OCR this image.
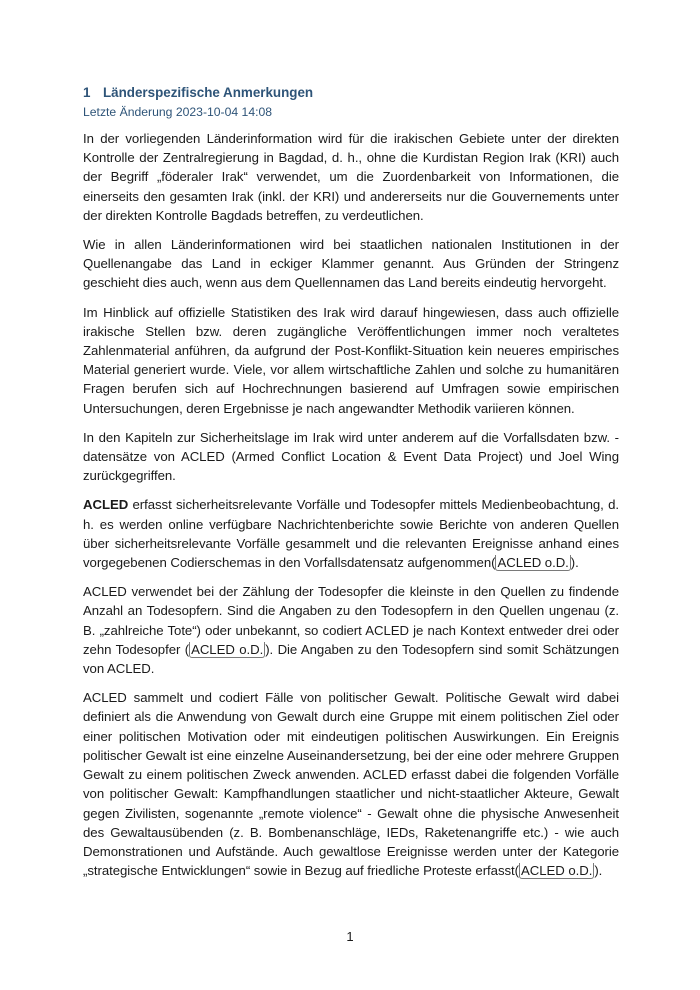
1 Länderspezifische Anmerkungen
Letzte Änderung 2023-10-04 14:08

In der vorliegenden Länderinformation wird für die irakischen Gebiete unter der direkten Kontrolle der Zentralregierung in Bagdad, d. h., ohne die Kurdistan Region Irak (KRI) auch der Begriff „föderaler Irak“ verwendet, um die Zuordenbarkeit von Informationen, die einerseits den gesamten Irak (inkl. der KRI) und andererseits nur die Gouvernements unter der direkten Kontrolle Bagdads betreffen, zu verdeutlichen.

Wie in allen Länderinformationen wird bei staatlichen nationalen Institutionen in der Quellenangabe das Land in eckiger Klammer genannt. Aus Gründen der Stringenz geschieht dies auch, wenn aus dem Quellennamen das Land bereits eindeutig hervorgeht.

Im Hinblick auf offizielle Statistiken des Irak wird darauf hingewiesen, dass auch offizielle irakische Stellen bzw. deren zugängliche Veröffentlichungen immer noch veraltetes Zahlenmaterial anführen, da aufgrund der Post-Konflikt-Situation kein neueres empirisches Material generiert wurde. Viele, vor allem wirtschaftliche Zahlen und solche zu humanitären Fragen berufen sich auf Hochrechnungen basierend auf Umfragen sowie empirischen Untersuchungen, deren Ergebnisse je nach angewandter Methodik variieren können.

In den Kapiteln zur Sicherheitslage im Irak wird unter anderem auf die Vorfallsdaten bzw. -datensätze von ACLED (Armed Conflict Location & Event Data Project) und Joel Wing zurückgegriffen.

ACLED erfasst sicherheitsrelevante Vorfälle und Todesopfer mittels Medienbeobachtung, d. h. es werden online verfügbare Nachrichtenberichte sowie Berichte von anderen Quellen über sicherheitsrelevante Vorfälle gesammelt und die relevanten Ereignisse anhand eines vorgegebenen Codierschemas in den Vorfallsdatensatz aufgenommen( ACLED o.D. ).

ACLED verwendet bei der Zählung der Todesopfer die kleinste in den Quellen zu findende Anzahl an Todesopfern. Sind die Angaben zu den Todesopfern in den Quellen ungenau (z. B. „zahlreiche Tote“) oder unbekannt, so codiert ACLED je nach Kontext entweder drei oder zehn Todesopfer ( ACLED o.D. ). Die Angaben zu den Todesopfern sind somit Schätzungen von ACLED.

ACLED sammelt und codiert Fälle von politischer Gewalt. Politische Gewalt wird dabei definiert als die Anwendung von Gewalt durch eine Gruppe mit einem politischen Ziel oder einer politischen Motivation oder mit eindeutigen politischen Auswirkungen. Ein Ereignis politischer Gewalt ist eine einzelne Auseinandersetzung, bei der eine oder mehrere Gruppen Gewalt zu einem politischen Zweck anwenden. ACLED erfasst dabei die folgenden Vorfälle von politischer Gewalt: Kampfhandlungen staatlicher und nicht-staatlicher Akteure, Gewalt gegen Zivilisten, sogenannte „remote violence“ - Gewalt ohne die physische Anwesenheit des Gewaltausübenden (z. B. Bombenanschläge, IEDs, Raketenangriffe etc.) - wie auch Demonstrationen und Aufstände. Auch gewaltlose Ereignisse werden unter der Kategorie „strategische Entwicklungen“ sowie in Bezug auf friedliche Proteste erfasst( ACLED o.D. ).

1
